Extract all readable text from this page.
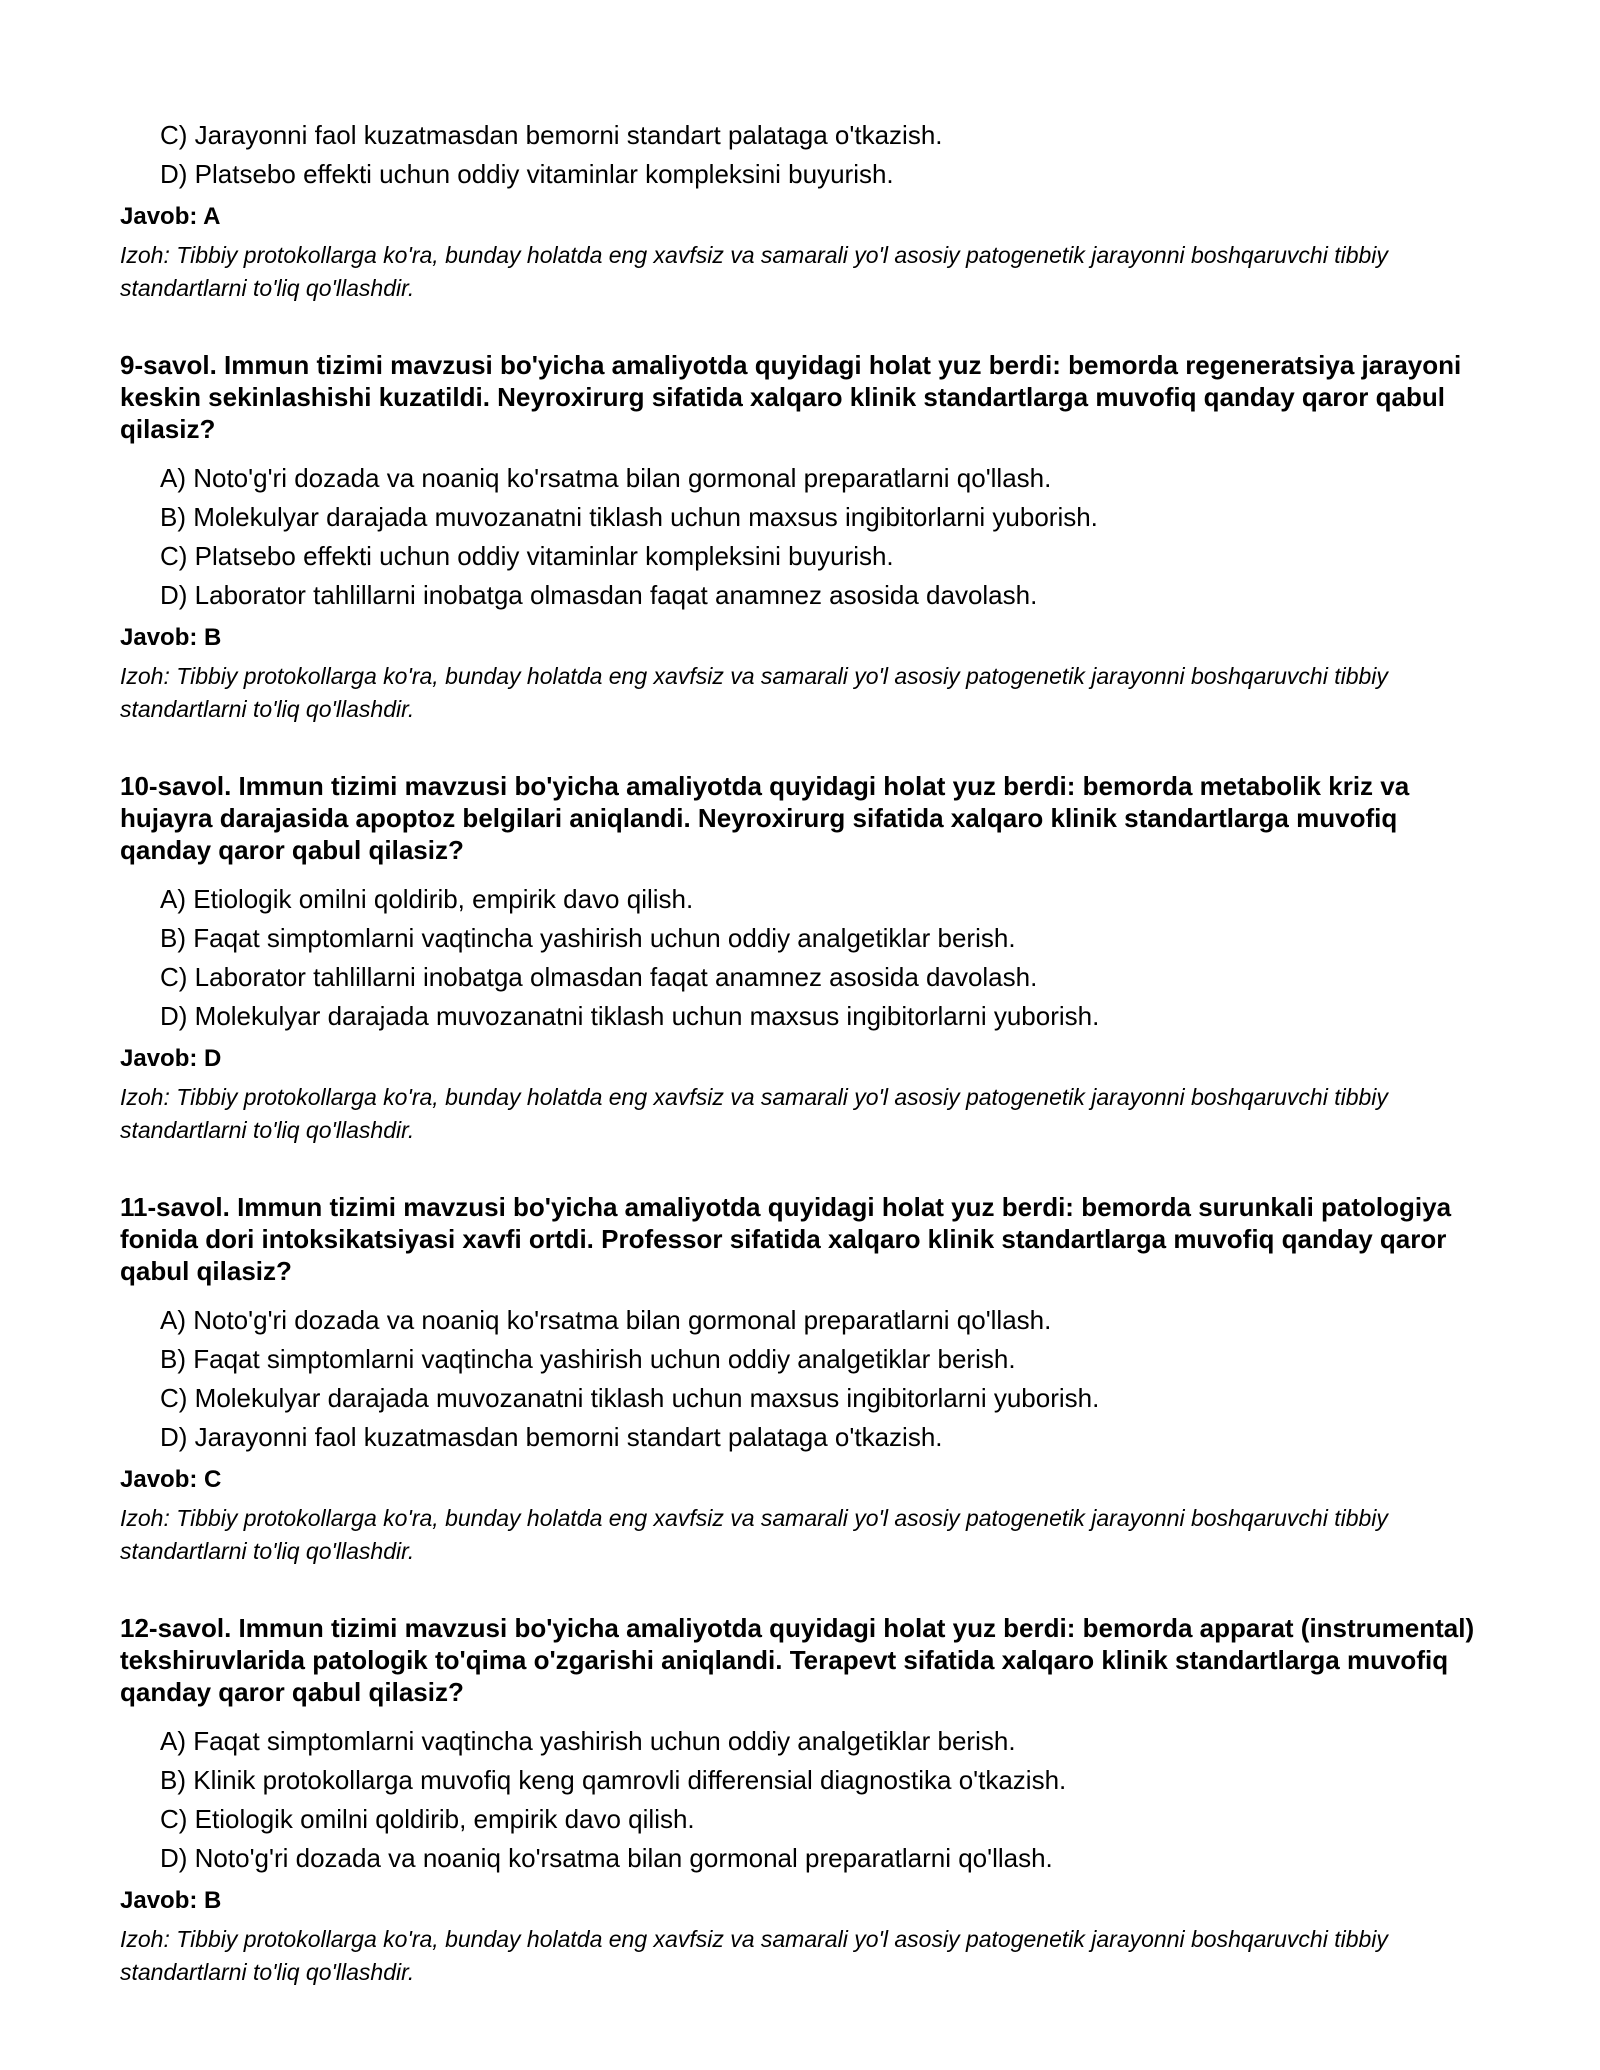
C) Jarayonni faol kuzatmasdan bemorni standart palataga o'tkazish.
D) Platsebo effekti uchun oddiy vitaminlar kompleksini buyurish.

Javob: A

Izoh: Tibbiy protokollarga ko'ra, bunday holatda eng xavfsiz va samarali yo'l asosiy patogenetik jarayonni boshqaruvchi tibbiy standartlarni to'liq qo'llashdir.

9-savol. Immun tizimi mavzusi bo'yicha amaliyotda quyidagi holat yuz berdi: bemorda regeneratsiya jarayoni keskin sekinlashishi kuzatildi. Neyroxirurg sifatida xalqaro klinik standartlarga muvofiq qanday qaror qabul qilasiz?

A) Noto'g'ri dozada va noaniq ko'rsatma bilan gormonal preparatlarni qo'llash.
B) Molekulyar darajada muvozanatni tiklash uchun maxsus ingibitorlarni yuborish.
C) Platsebo effekti uchun oddiy vitaminlar kompleksini buyurish.
D) Laborator tahlillarni inobatga olmasdan faqat anamnez asosida davolash.

Javob: B

Izoh: Tibbiy protokollarga ko'ra, bunday holatda eng xavfsiz va samarali yo'l asosiy patogenetik jarayonni boshqaruvchi tibbiy standartlarni to'liq qo'llashdir.

10-savol. Immun tizimi mavzusi bo'yicha amaliyotda quyidagi holat yuz berdi: bemorda metabolik kriz va hujayra darajasida apoptoz belgilari aniqlandi. Neyroxirurg sifatida xalqaro klinik standartlarga muvofiq qanday qaror qabul qilasiz?

A) Etiologik omilni qoldirib, empirik davo qilish.
B) Faqat simptomlarni vaqtincha yashirish uchun oddiy analgetiklar berish.
C) Laborator tahlillarni inobatga olmasdan faqat anamnez asosida davolash.
D) Molekulyar darajada muvozanatni tiklash uchun maxsus ingibitorlarni yuborish.

Javob: D

Izoh: Tibbiy protokollarga ko'ra, bunday holatda eng xavfsiz va samarali yo'l asosiy patogenetik jarayonni boshqaruvchi tibbiy standartlarni to'liq qo'llashdir.

11-savol. Immun tizimi mavzusi bo'yicha amaliyotda quyidagi holat yuz berdi: bemorda surunkali patologiya fonida dori intoksikatsiyasi xavfi ortdi. Professor sifatida xalqaro klinik standartlarga muvofiq qanday qaror qabul qilasiz?

A) Noto'g'ri dozada va noaniq ko'rsatma bilan gormonal preparatlarni qo'llash.
B) Faqat simptomlarni vaqtincha yashirish uchun oddiy analgetiklar berish.
C) Molekulyar darajada muvozanatni tiklash uchun maxsus ingibitorlarni yuborish.
D) Jarayonni faol kuzatmasdan bemorni standart palataga o'tkazish.

Javob: C

Izoh: Tibbiy protokollarga ko'ra, bunday holatda eng xavfsiz va samarali yo'l asosiy patogenetik jarayonni boshqaruvchi tibbiy standartlarni to'liq qo'llashdir.

12-savol. Immun tizimi mavzusi bo'yicha amaliyotda quyidagi holat yuz berdi: bemorda apparat (instrumental) tekshiruvlarida patologik to'qima o'zgarishi aniqlandi. Terapevt sifatida xalqaro klinik standartlarga muvofiq qanday qaror qabul qilasiz?

A) Faqat simptomlarni vaqtincha yashirish uchun oddiy analgetiklar berish.
B) Klinik protokollarga muvofiq keng qamrovli differensial diagnostika o'tkazish.
C) Etiologik omilni qoldirib, empirik davo qilish.
D) Noto'g'ri dozada va noaniq ko'rsatma bilan gormonal preparatlarni qo'llash.

Javob: B

Izoh: Tibbiy protokollarga ko'ra, bunday holatda eng xavfsiz va samarali yo'l asosiy patogenetik jarayonni boshqaruvchi tibbiy standartlarni to'liq qo'llashdir.
